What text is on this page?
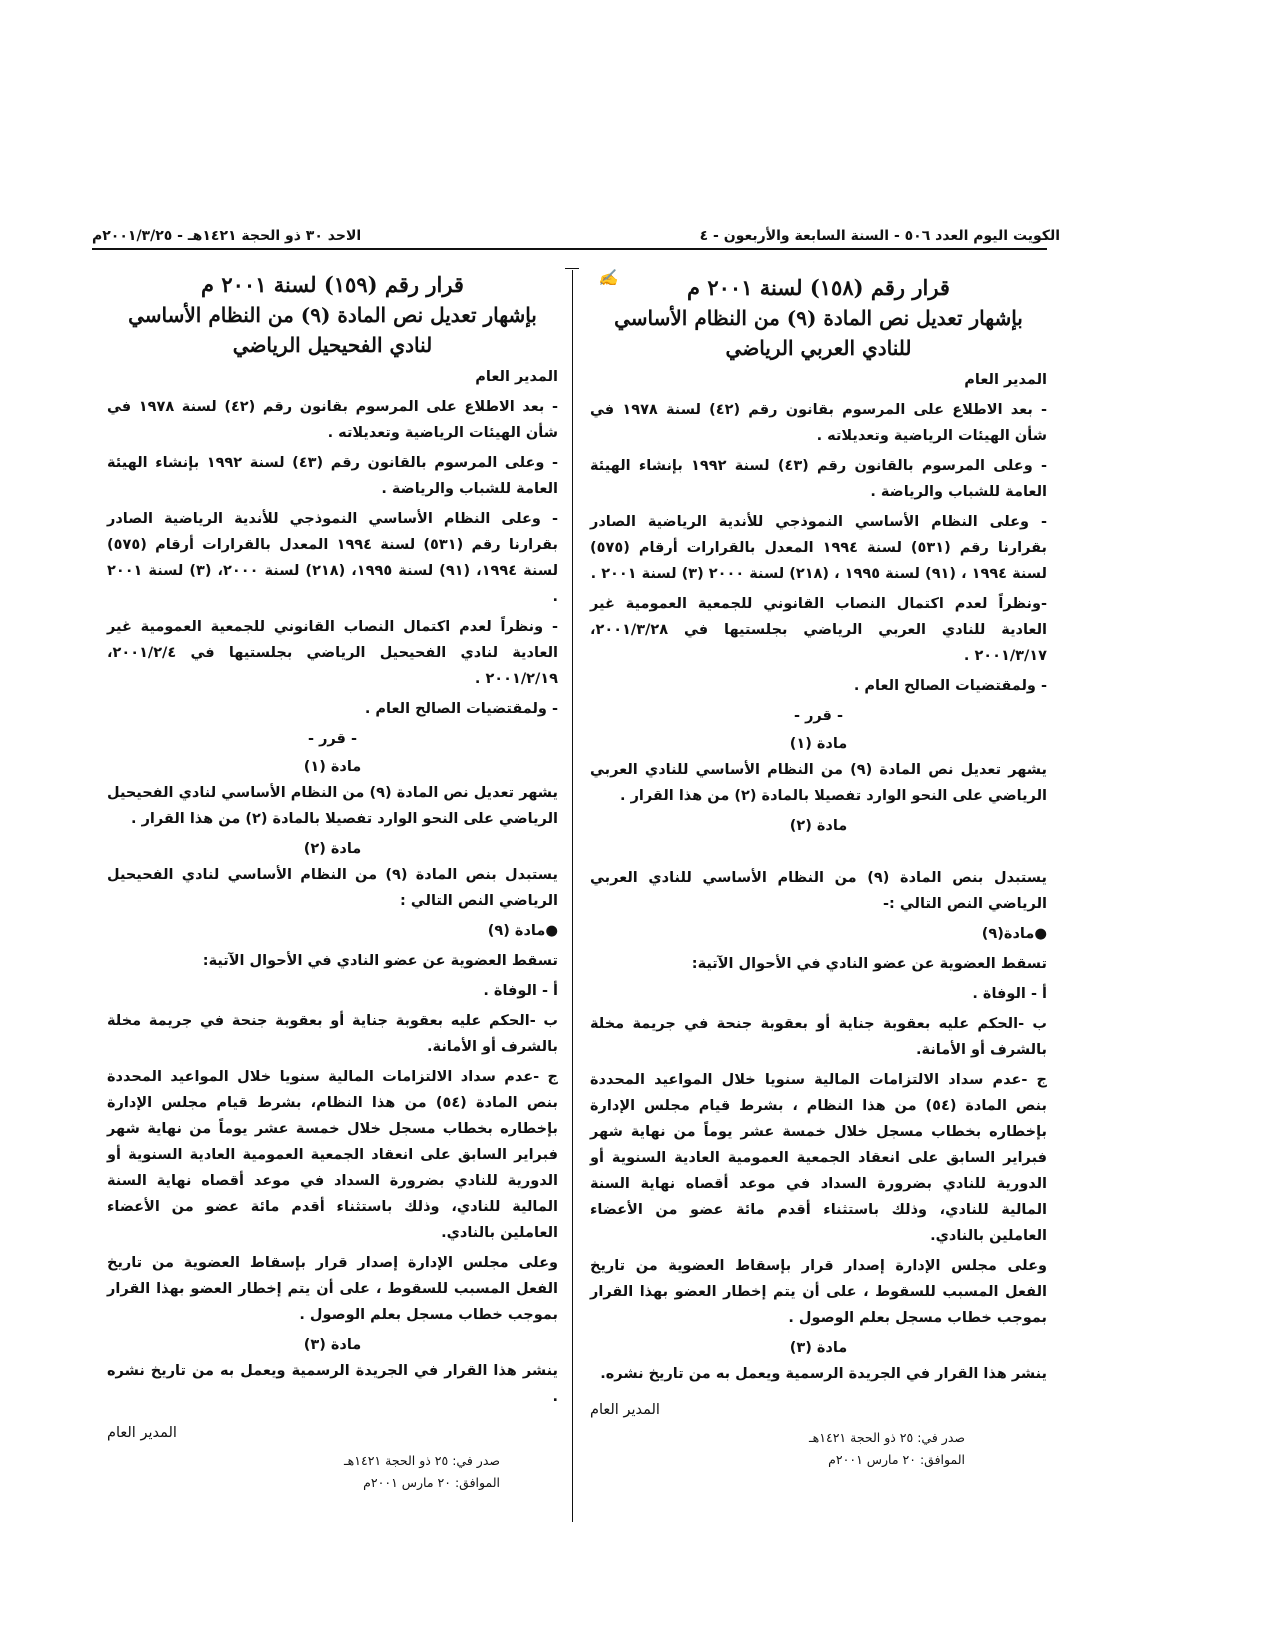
الكويت اليوم العدد ٥٠٦ - السنة السابعة والأربعون - ٤
الاحد ٣٠ ذو الحجة ١٤٢١هـ - ٢٠٠١/٣/٢٥م
✍	قرار رقم (١٥٨) لسنة ٢٠٠١ م

بإشهار تعديل نص المادة (٩) من النظام الأساسي

للنادي العربي الرياضي

المدير العام

- بعد الاطلاع على المرسوم بقانون رقم (٤٢) لسنة ١٩٧٨ في شأن الهيئات الرياضية وتعديلاته .

- وعلى المرسوم بالقانون رقم (٤٣) لسنة ١٩٩٢ بإنشاء الهيئة العامة للشباب والرياضة .

- وعلى النظام الأساسي النموذجي للأندية الرياضية الصادر بقرارنا رقم (٥٣١) لسنة ١٩٩٤ المعدل بالقرارات أرقام (٥٧٥) لسنة ١٩٩٤ ، (٩١) لسنة ١٩٩٥ ، (٢١٨) لسنة ٢٠٠٠ (٣) لسنة ٢٠٠١ .

-ونظراً لعدم اكتمال النصاب القانوني للجمعية العمومية غير العادية للنادي العربي الرياضي بجلستيها في ٢٠٠١/٣/٢٨، ٢٠٠١/٣/١٧ .

- ولمقتضيات الصالح العام .

- قرر -

مادة (١)

يشهر تعديل نص المادة (٩) من النظام الأساسي للنادي العربي الرياضي على النحو الوارد تفصيلا بالمادة (٢) من هذا القرار .

مادة (٢)

يستبدل بنص المادة (٩) من النظام الأساسي للنادي العربي الرياضي النص التالي :-

● مادة(٩)

تسقط العضوية عن عضو النادي في الأحوال الآتية:

أ - الوفاة .

ب -الحكم عليه بعقوبة جناية أو بعقوبة جنحة في جريمة مخلة بالشرف أو الأمانة.

ج -عدم سداد الالتزامات المالية سنويا خلال المواعيد المحددة بنص المادة (٥٤) من هذا النظام ، بشرط قيام مجلس الإدارة بإخطاره بخطاب مسجل خلال خمسة عشر يوماً من نهاية شهر فبراير السابق على انعقاد الجمعية العمومية العادية السنوية أو الدورية للنادي بضرورة السداد في موعد أقصاه نهاية السنة المالية للنادي، وذلك باستثناء أقدم مائة عضو من الأعضاء العاملين بالنادي.

وعلى مجلس الإدارة إصدار قرار بإسقاط العضوية من تاريخ الفعل المسبب للسقوط ، على أن يتم إخطار العضو بهذا القرار بموجب خطاب مسجل بعلم الوصول .

مادة (٣)

ينشر هذا القرار في الجريدة الرسمية ويعمل به من تاريخ نشره.

المدير العام

صدر في: ٢٥ ذو الحجة ١٤٢١هـ
الموافق: ٢٠ مارس ٢٠٠١م

قرار رقم (١٥٩) لسنة ٢٠٠١ م

بإشهار تعديل نص المادة (٩) من النظام الأساسي

لنادي الفحيحيل الرياضي

المدير العام

- بعد الاطلاع على المرسوم بقانون رقم (٤٢) لسنة ١٩٧٨ في شأن الهيئات الرياضية وتعديلاته .

- وعلى المرسوم بالقانون رقم (٤٣) لسنة ١٩٩٢ بإنشاء الهيئة العامة للشباب والرياضة .

- وعلى النظام الأساسي النموذجي للأندية الرياضية الصادر بقرارنا رقم (٥٣١) لسنة ١٩٩٤ المعدل بالقرارات أرقام (٥٧٥) لسنة ١٩٩٤، (٩١) لسنة ١٩٩٥، (٢١٨) لسنة ٢٠٠٠، (٣) لسنة ٢٠٠١ .

- ونظراً لعدم اكتمال النصاب القانوني للجمعية العمومية غير العادية لنادي الفحيحيل الرياضي بجلستيها في ٢٠٠١/٢/٤، ٢٠٠١/٢/١٩ .

- ولمقتضيات الصالح العام .

- قرر -

مادة (١)

يشهر تعديل نص المادة (٩) من النظام الأساسي لنادي الفحيحيل الرياضي على النحو الوارد تفصيلا بالمادة (٢) من هذا القرار .

مادة (٢)

يستبدل بنص المادة (٩) من النظام الأساسي لنادي الفحيحيل الرياضي النص التالي :

● مادة (٩)

تسقط العضوية عن عضو النادي في الأحوال الآتية:

أ - الوفاة .

ب -الحكم عليه بعقوبة جناية أو بعقوبة جنحة في جريمة مخلة بالشرف أو الأمانة.

ج -عدم سداد الالتزامات المالية سنويا خلال المواعيد المحددة بنص المادة (٥٤) من هذا النظام، بشرط قيام مجلس الإدارة بإخطاره بخطاب مسجل خلال خمسة عشر يوماً من نهاية شهر فبراير السابق على انعقاد الجمعية العمومية العادية السنوية أو الدورية للنادي بضرورة السداد في موعد أقصاه نهاية السنة المالية للنادي، وذلك باستثناء أقدم مائة عضو من الأعضاء العاملين بالنادي.

وعلى مجلس الإدارة إصدار قرار بإسقاط العضوية من تاريخ الفعل المسبب للسقوط ، على أن يتم إخطار العضو بهذا القرار بموجب خطاب مسجل بعلم الوصول .

مادة (٣)

ينشر هذا القرار في الجريدة الرسمية ويعمل به من تاريخ نشره .

المدير العام

صدر في: ٢٥ ذو الحجة ١٤٢١هـ
الموافق: ٢٠ مارس ٢٠٠١م
